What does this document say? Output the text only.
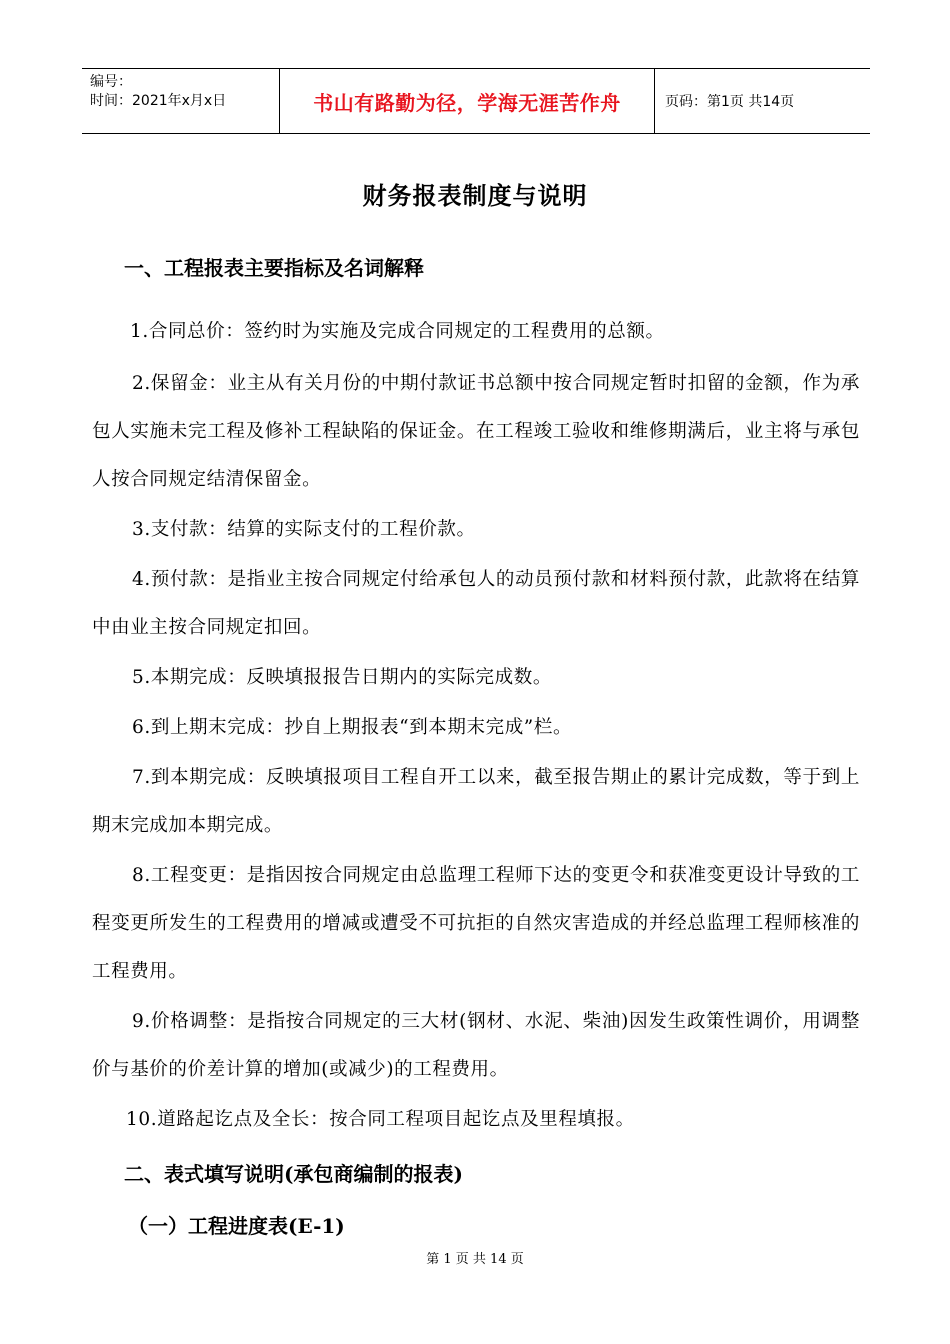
编号：
时间：2021年x月x日	书山有路勤为径，学海无涯苦作舟	页码：第1页 共14页
财务报表制度与说明
一、工程报表主要指标及名词解释
1.合同总价：签约时为实施及完成合同规定的工程费用的总额。
2.保留金：业主从有关月份的中期付款证书总额中按合同规定暂时扣留的金额，作为承包人实施未完工程及修补工程缺陷的保证金。在工程竣工验收和维修期满后，业主将与承包人按合同规定结清保留金。
3.支付款：结算的实际支付的工程价款。
4.预付款：是指业主按合同规定付给承包人的动员预付款和材料预付款，此款将在结算中由业主按合同规定扣回。
5.本期完成：反映填报报告日期内的实际完成数。
6.到上期末完成：抄自上期报表“到本期末完成”栏。
7.到本期完成：反映填报项目工程自开工以来，截至报告期止的累计完成数，等于到上期末完成加本期完成。
8.工程变更：是指因按合同规定由总监理工程师下达的变更令和获准变更设计导致的工程变更所发生的工程费用的增减或遭受不可抗拒的自然灾害造成的并经总监理工程师核准的工程费用。
9.价格调整：是指按合同规定的三大材(钢材、水泥、柴油)因发生政策性调价，用调整价与基价的价差计算的增加(或减少)的工程费用。
10.道路起讫点及全长：按合同工程项目起讫点及里程填报。
二、表式填写说明(承包商编制的报表)
（一）工程进度表(E-1)
第 1 页 共 14 页
